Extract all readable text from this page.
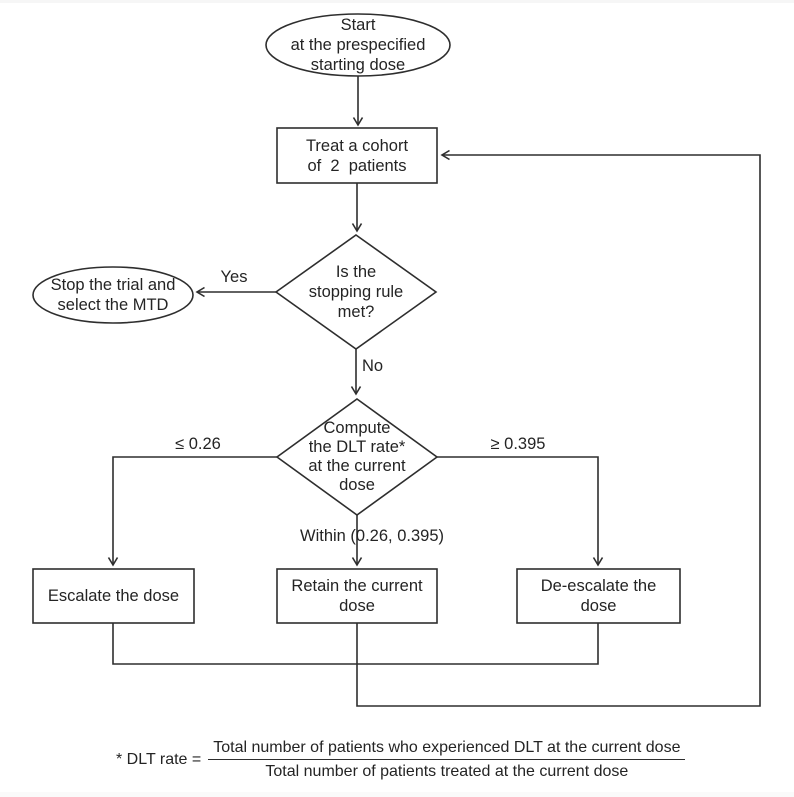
Start
at the prespecified
starting dose
Treat a cohort
of  2  patients
Is the
stopping rule
met?
Stop the trial and
select the MTD
Compute
the DLT rate*
at the current
dose
Escalate the dose
Retain the current
dose
De-escalate the
dose
Yes
No
≤ 0.26	≥ 0.395
Within (0.26, 0.395)
* DLT rate =
Total number of patients who experienced DLT at the current dose
Total number of patients treated at the current dose
